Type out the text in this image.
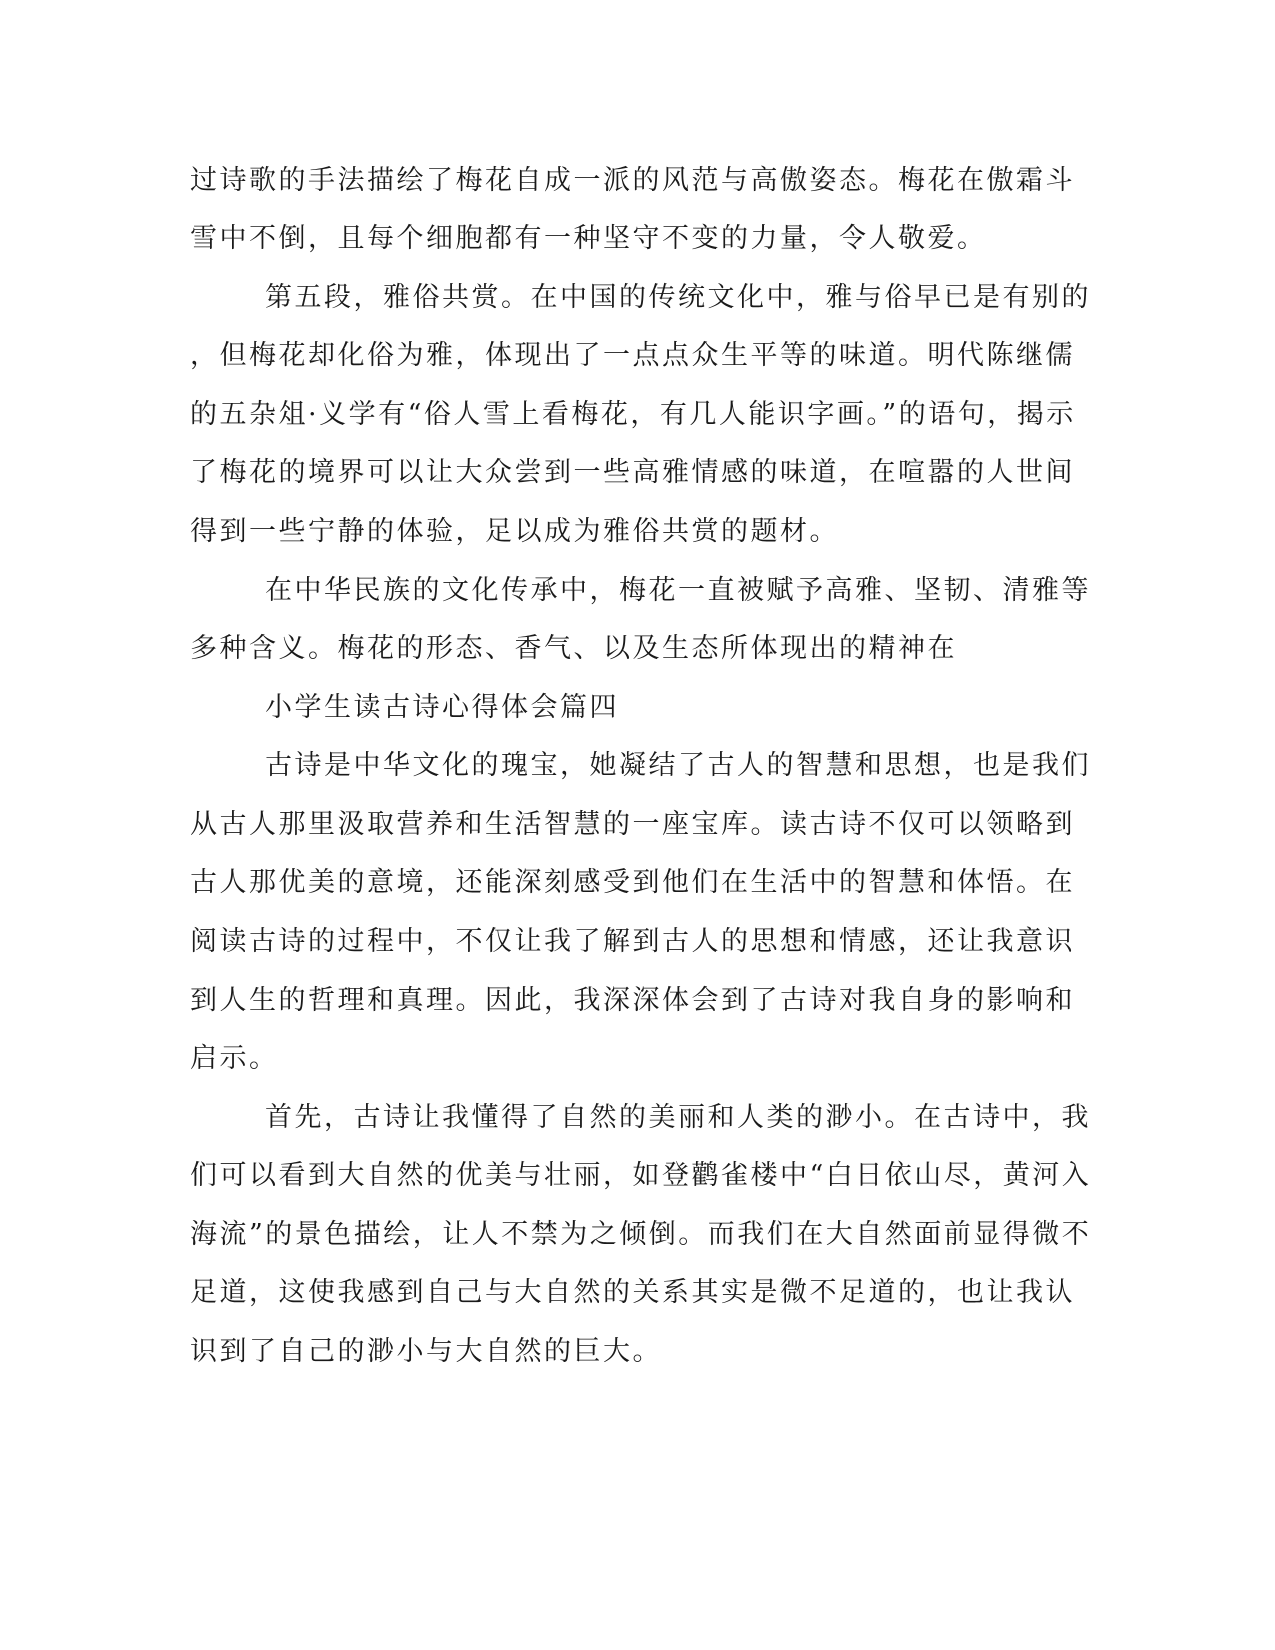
过诗歌的手法描绘了梅花自成一派的风范与高傲姿态。梅花在傲霜斗
雪中不倒，且每个细胞都有一种坚守不变的力量，令人敬爱。
第五段，雅俗共赏。在中国的传统文化中，雅与俗早已是有别的
，但梅花却化俗为雅，体现出了一点点众生平等的味道。明代陈继儒
的五杂俎·义学有“俗人雪上看梅花，有几人能识字画。”的语句，揭示
了梅花的境界可以让大众尝到一些高雅情感的味道，在喧嚣的人世间
得到一些宁静的体验，足以成为雅俗共赏的题材。
在中华民族的文化传承中，梅花一直被赋予高雅、坚韧、清雅等
多种含义。梅花的形态、香气、以及生态所体现出的精神在
小学生读古诗心得体会篇四
古诗是中华文化的瑰宝，她凝结了古人的智慧和思想，也是我们
从古人那里汲取营养和生活智慧的一座宝库。读古诗不仅可以领略到
古人那优美的意境，还能深刻感受到他们在生活中的智慧和体悟。在
阅读古诗的过程中，不仅让我了解到古人的思想和情感，还让我意识
到人生的哲理和真理。因此，我深深体会到了古诗对我自身的影响和
启示。
首先，古诗让我懂得了自然的美丽和人类的渺小。在古诗中，我
们可以看到大自然的优美与壮丽，如登鹳雀楼中“白日依山尽，黄河入
海流”的景色描绘，让人不禁为之倾倒。而我们在大自然面前显得微不
足道，这使我感到自己与大自然的关系其实是微不足道的，也让我认
识到了自己的渺小与大自然的巨大。
